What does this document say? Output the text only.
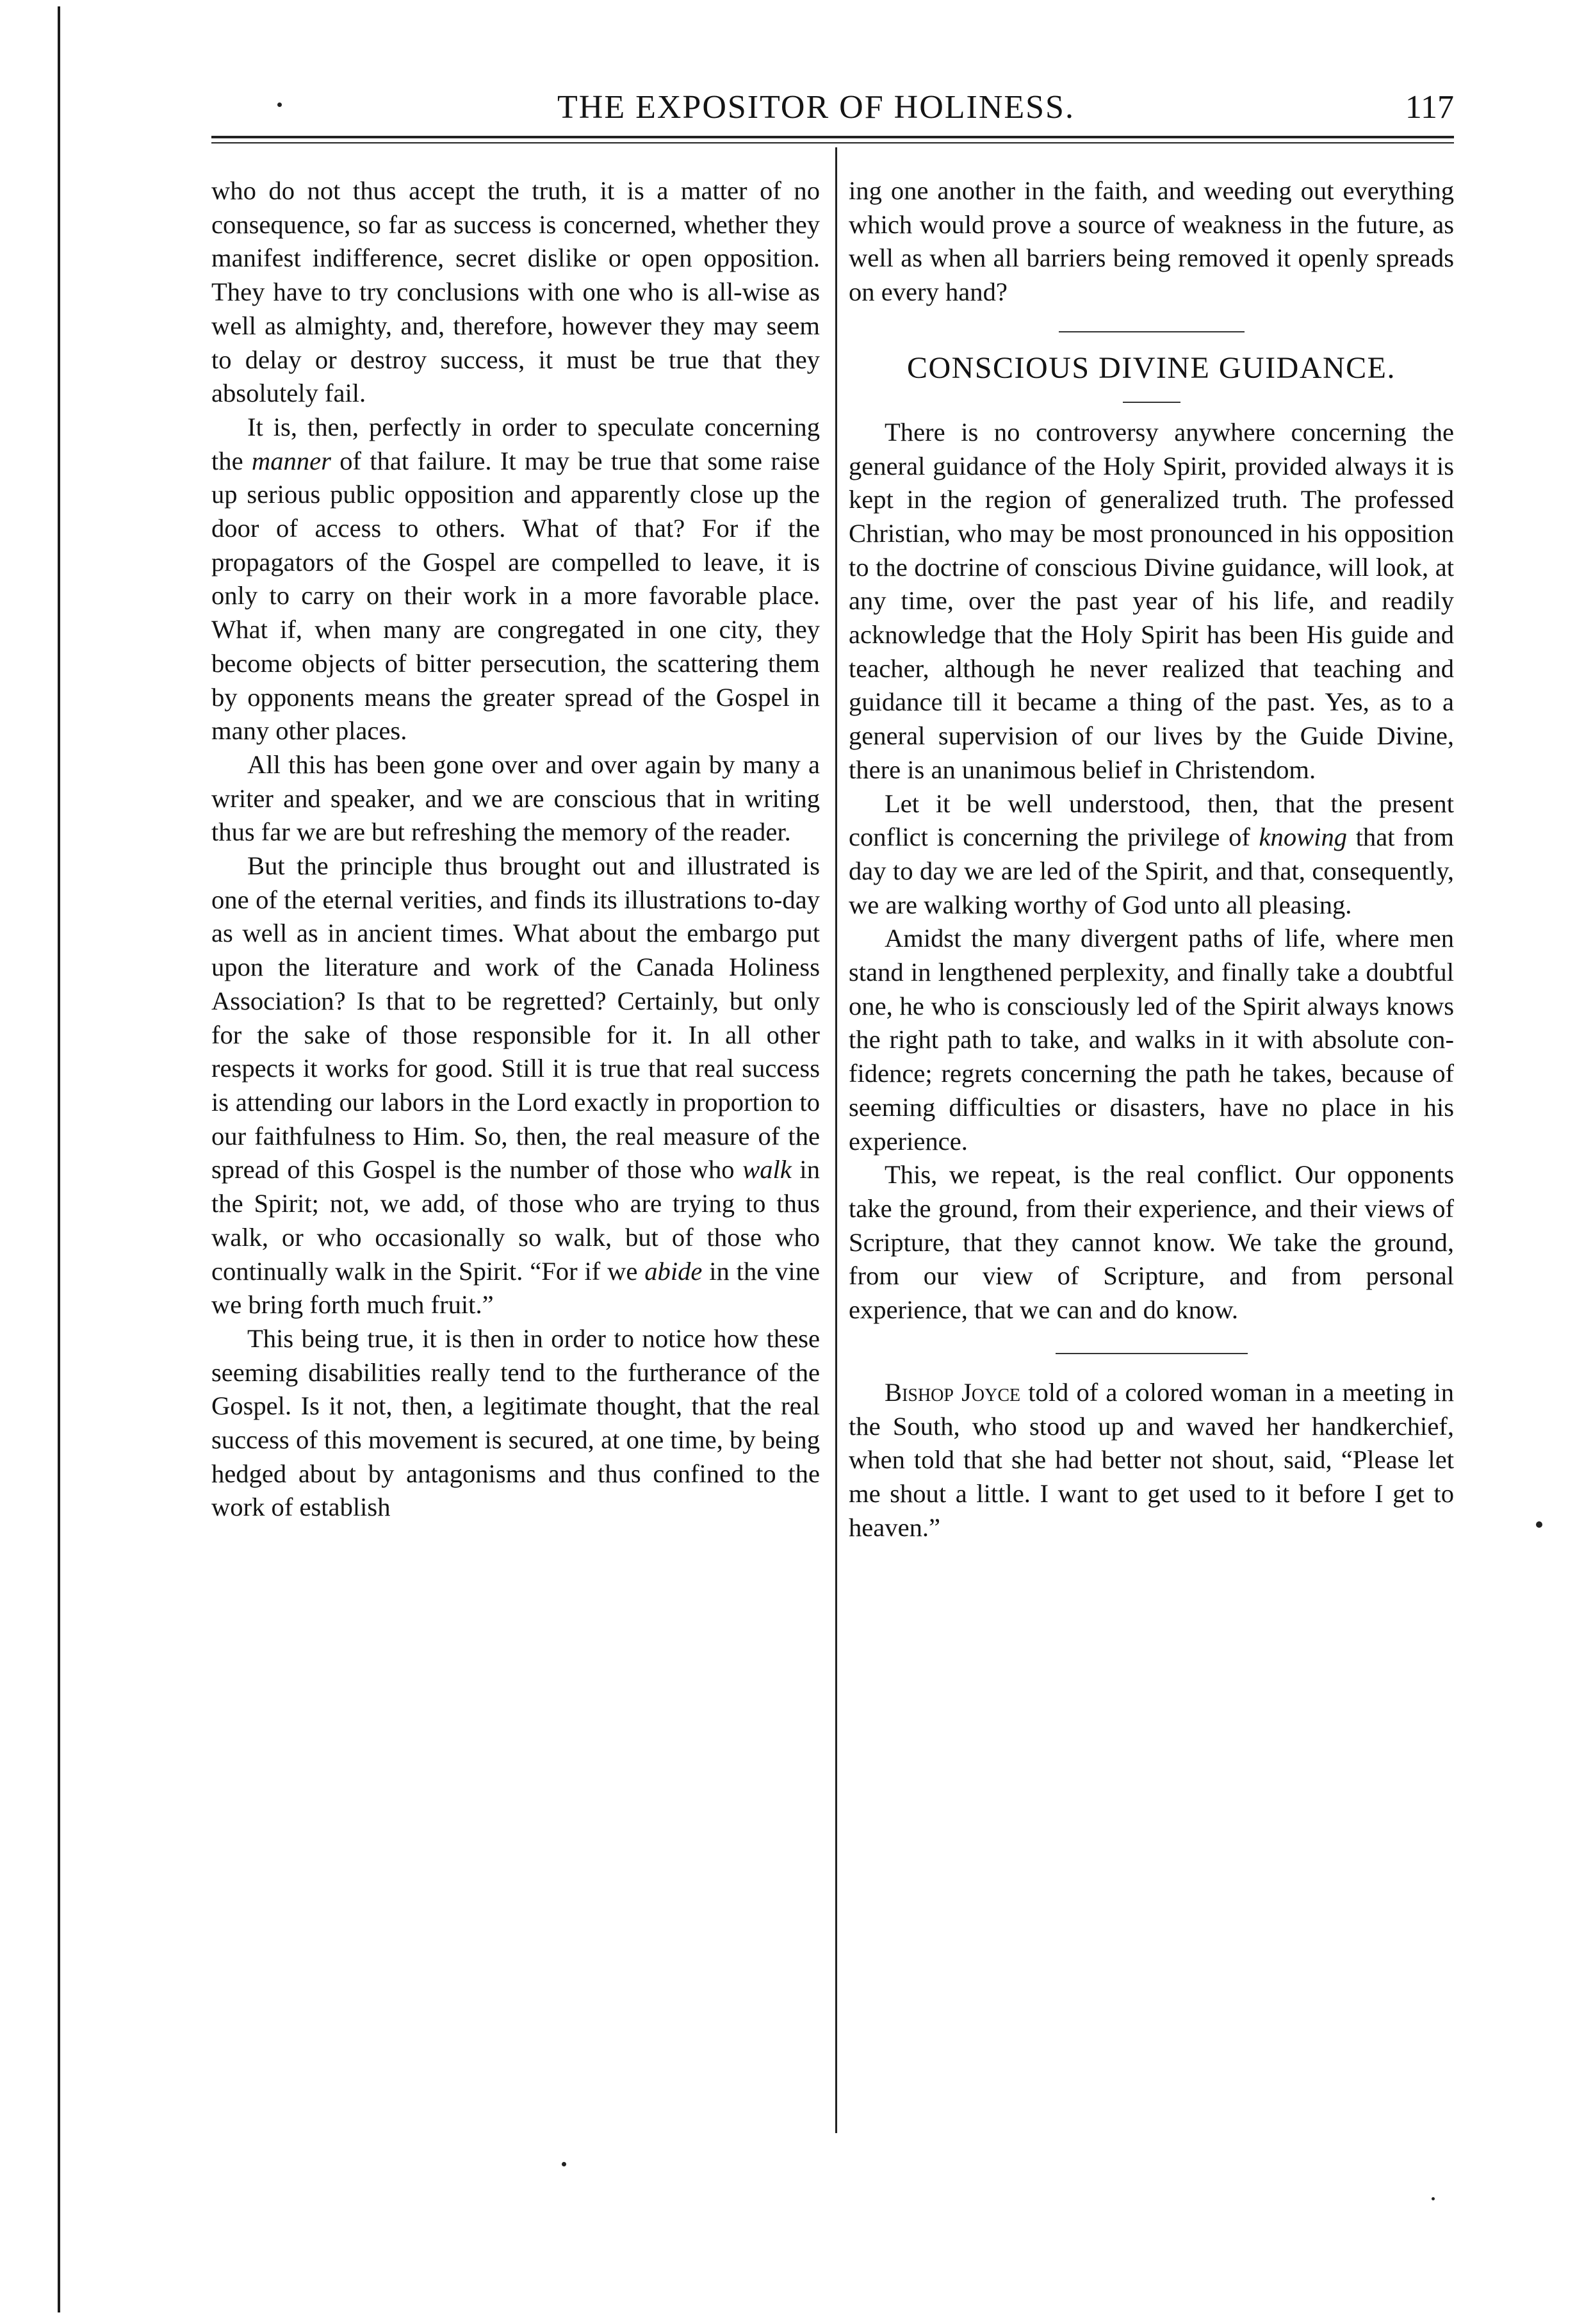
THE EXPOSITOR OF HOLINESS.	117

who do not thus accept the truth, it is a matter of no consequence, so far as success is concerned, whether they manifest indifference, secret dislike or open opposition. They have to try conclusions with one who is all-wise as well as almighty, and, therefore, however they may seem to delay or destroy success, it must be true that they absolutely fail.

It is, then, perfectly in order to speculate concerning the manner of that failure. It may be true that some raise up serious public opposition and apparently close up the door of access to others. What of that? For if the propagators of the Gospel are compelled to leave, it is only to carry on their work in a more favorable place. What if, when many are congregated in one city, they become objects of bitter persecution, the scattering them by opponents means the greater spread of the Gospel in many other places.

All this has been gone over and over again by many a writer and speaker, and we are conscious that in writing thus far we are but refreshing the memory of the reader.

But the principle thus brought out and illustrated is one of the eternal verities, and finds its illustrations to-day as well as in ancient times. What about the embargo put upon the literature and work of the Canada Holiness Association? Is that to be regretted? Certainly, but only for the sake of those responsible for it. In all other respects it works for good. Still it is true that real success is attending our labors in the Lord exactly in proportion to our faithfulness to Him. So, then, the real measure of the spread of this Gospel is the number of those who walk in the Spirit; not, we add, of those who are trying to thus walk, or who occasionally so walk, but of those who continually walk in the Spirit. “For if we abide in the vine we bring forth much fruit.”

This being true, it is then in order to notice how these seeming disabilities really tend to the furtherance of the Gospel. Is it not, then, a legitimate thought, that the real success of this movement is secured, at one time, by being hedged about by antagonisms and thus confined to the work of establish

ing one another in the faith, and weeding out everything which would prove a source of weakness in the future, as well as when all barriers being removed it openly spreads on every hand?

CONSCIOUS DIVINE GUIDANCE.

There is no controversy anywhere concerning the general guidance of the Holy Spirit, provided always it is kept in the region of generalized truth. The professed Christian, who may be most pronounced in his opposition to the doctrine of conscious Divine guidance, will look, at any time, over the past year of his life, and readily acknowledge that the Holy Spirit has been His guide and teacher, although he never realized that teaching and guidance till it became a thing of the past. Yes, as to a general supervision of our lives by the Guide Divine, there is an unanimous belief in Christendom.

Let it be well understood, then, that the present conflict is concerning the privilege of knowing that from day to day we are led of the Spirit, and that, consequently, we are walking worthy of God unto all pleasing.

Amidst the many divergent paths of life, where men stand in lengthened perplexity, and finally take a doubtful one, he who is consciously led of the Spirit always knows the right path to take, and walks in it with absolute confidence; regrets concerning the path he takes, because of seeming difficulties or disasters, have no place in his experience.

This, we repeat, is the real conflict. Our opponents take the ground, from their experience, and their views of Scripture, that they cannot know. We take the ground, from our view of Scripture, and from personal experience, that we can and do know.

Bishop Joyce told of a colored woman in a meeting in the South, who stood up and waved her handkerchief, when told that she had better not shout, said, “Please let me shout a little. I want to get used to it before I get to heaven.”
